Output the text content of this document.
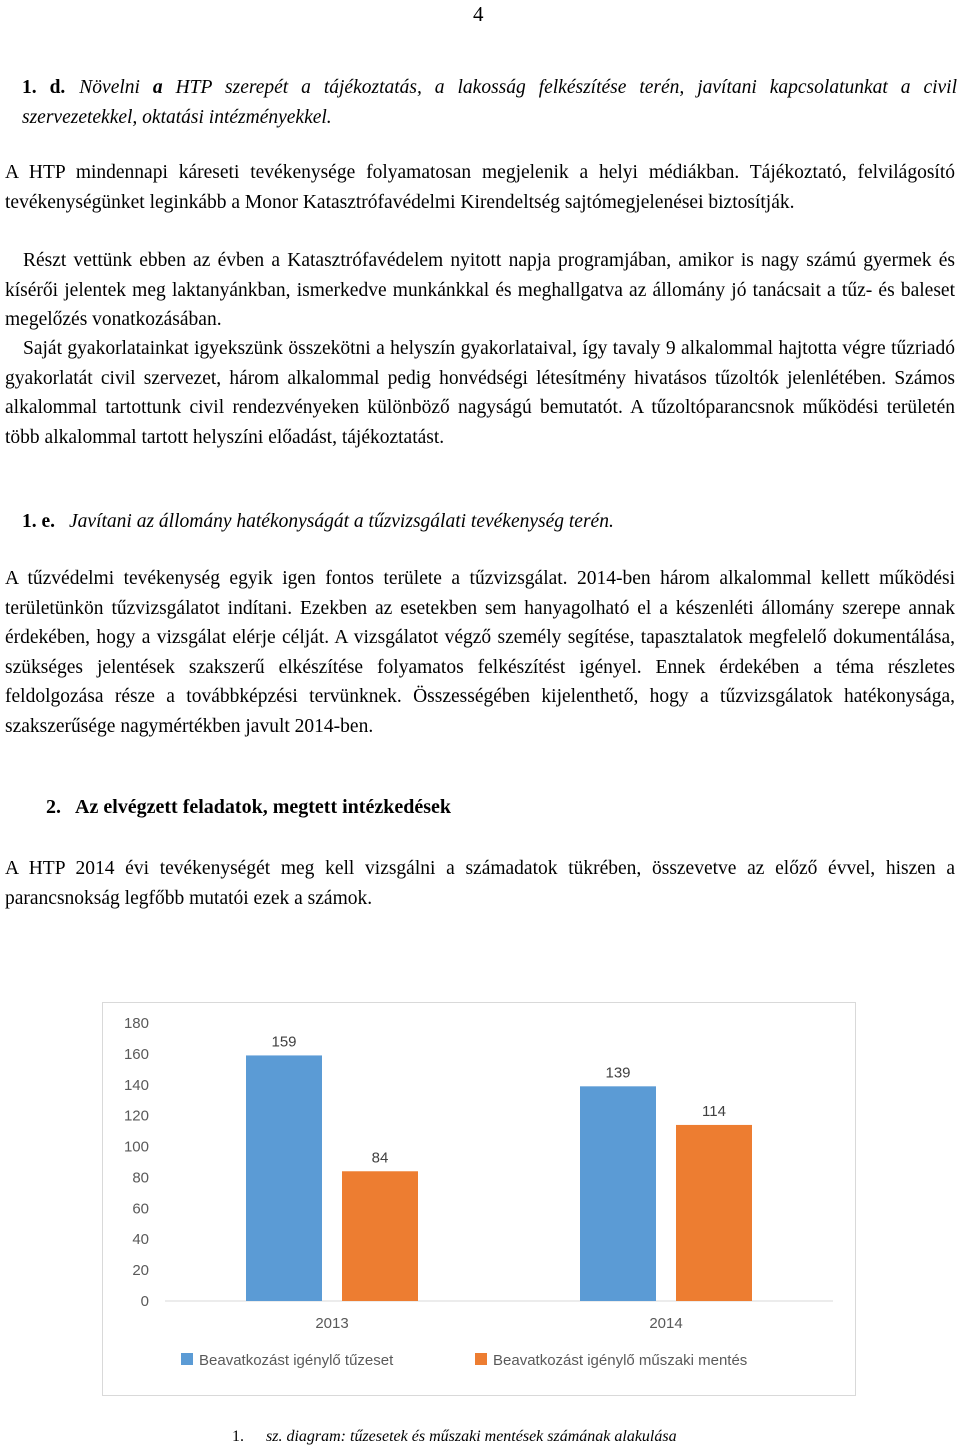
4
1. d. Növelni a HTP szerepét a tájékoztatás, a lakosság felkészítése terén, javítani kapcsolatunkat a civil szervezetekkel, oktatási intézményekkel.
A HTP mindennapi káreseti tevékenysége folyamatosan megjelenik a helyi médiákban. Tájékoztató, felvilágosító tevékenységünket leginkább a Monor Katasztrófavédelmi Kirendeltség sajtómegjelenései biztosítják.
Részt vettünk ebben az évben a Katasztrófavédelem nyitott napja programjában, amikor is nagy számú gyermek és kísérői jelentek meg laktanyánkban, ismerkedve munkánkkal és meghallgatva az állomány jó tanácsait a tűz- és baleset megelőzés vonatkozásában.
Saját gyakorlatainkat igyekszünk összekötni a helyszín gyakorlataival, így tavaly 9 alkalommal hajtotta végre tűzriadó gyakorlatát civil szervezet, három alkalommal pedig honvédségi létesítmény hivatásos tűzoltók jelenlétében. Számos alkalommal tartottunk civil rendezvényeken különböző nagyságú bemutatót. A tűzoltóparancsnok működési területén több alkalommal tartott helyszíni előadást, tájékoztatást.
1. e. Javítani az állomány hatékonyságát a tűzvizsgálati tevékenység terén.
A tűzvédelmi tevékenység egyik igen fontos területe a tűzvizsgálat. 2014-ben három alkalommal kellett működési területünkön tűzvizsgálatot indítani. Ezekben az esetekben sem hanyagolható el a készenléti állomány szerepe annak érdekében, hogy a vizsgálat elérje célját. A vizsgálatot végző személy segítése, tapasztalatok megfelelő dokumentálása, szükséges jelentések szakszerű elkészítése folyamatos felkészítést igényel. Ennek érdekében a téma részletes feldolgozása része a továbbképzési tervünknek. Összességében kijelenthető, hogy a tűzvizsgálatok hatékonysága, szakszerűsége nagymértékben javult 2014-ben.
2. Az elvégzett feladatok, megtett intézkedések
A HTP 2014 évi tevékenységét meg kell vizsgálni a számadatok tükrében, összevetve az előző évvel, hiszen a parancsnokság legfőbb mutatói ezek a számok.
0
20
40
60
80
100
120
140
160
180
159
84
2013
139
114
2014
Beavatkozást igénylő tűzeset	Beavatkozást igénylő műszaki mentés
1. sz. diagram: tűzesetek és műszaki mentések számának alakulása
